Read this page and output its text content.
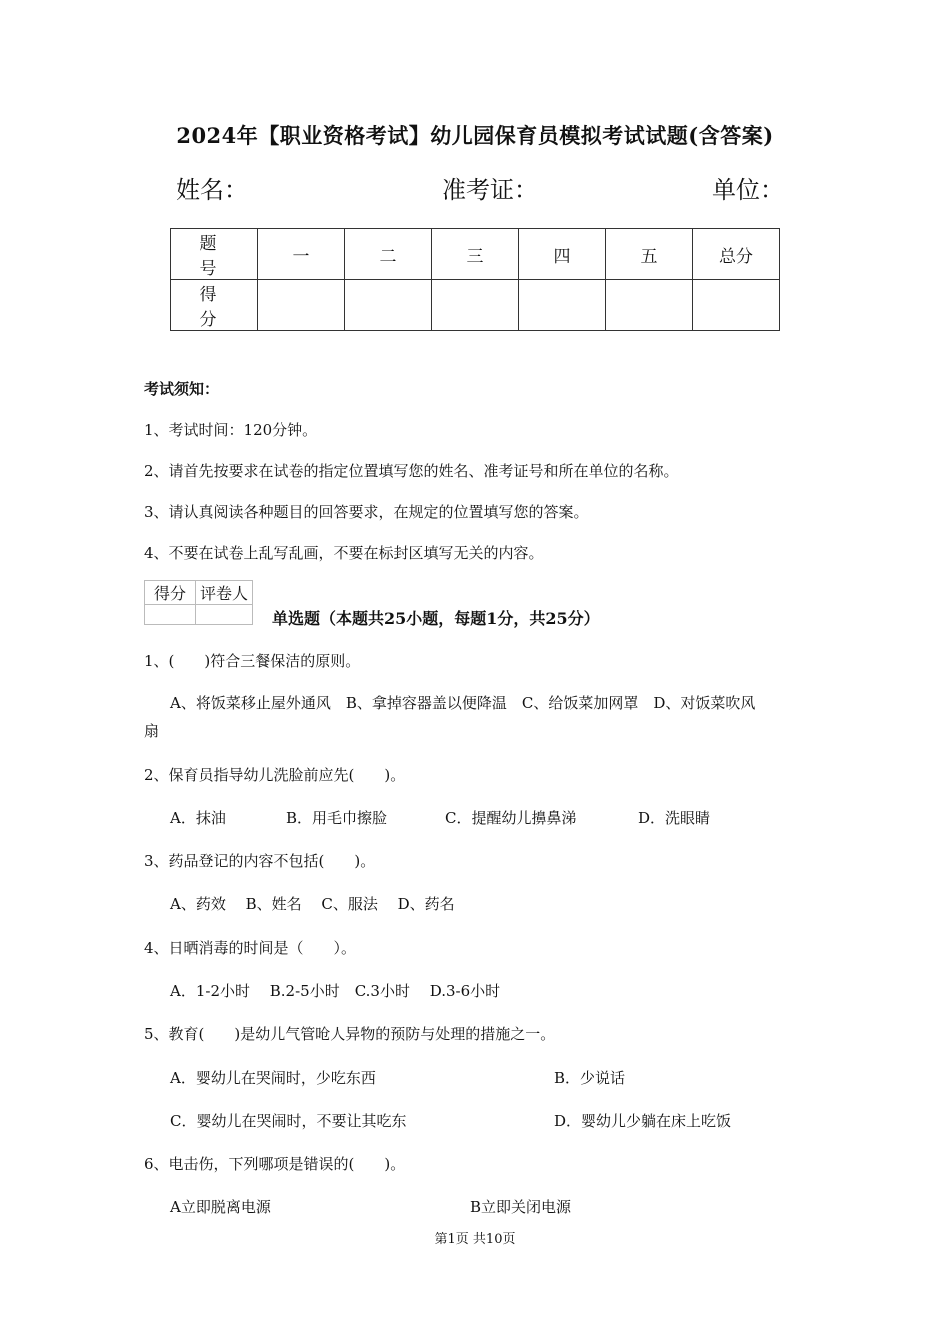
2024年【职业资格考试】幼儿园保育员模拟考试试题(含答案)
姓名：	准考证：	单位：
题　号	一	二	三	四	五	总分
得　分						
考试须知：
1、考试时间：120分钟。
2、请首先按要求在试卷的指定位置填写您的姓名、准考证号和所在单位的名称。
3、请认真阅读各种题目的回答要求，在规定的位置填写您的答案。
4、不要在试卷上乱写乱画，不要在标封区填写无关的内容。
得分	评卷人

单选题（本题共25小题，每题1分，共25分）
1、(　　)符合三餐保洁的原则。
A、将饭菜移止屋外通风　B、拿掉容器盖以便降温　C、给饭菜加网罩　D、对饭菜吹风
扇
2、保育员指导幼儿洗脸前应先(　　)。
A．抹油	B．用毛巾擦脸	C．提醒幼儿擤鼻涕	D．洗眼睛
3、药品登记的内容不包括(　　)。
A、药效　 B、姓名　 C、服法　 D、药名
4、日晒消毒的时间是（　　）。
A．1-2小时　 B.2-5小时　C.3小时　 D.3-6小时
5、教育(　　)是幼儿气管呛人异物的预防与处理的措施之一。
A．婴幼儿在哭闹时，少吃东西	B．少说话
C．婴幼儿在哭闹时，不要让其吃东	D．婴幼儿少躺在床上吃饭
6、电击伤，下列哪项是错误的(　　)。
A立即脱离电源	B立即关闭电源
第1页 共10页
